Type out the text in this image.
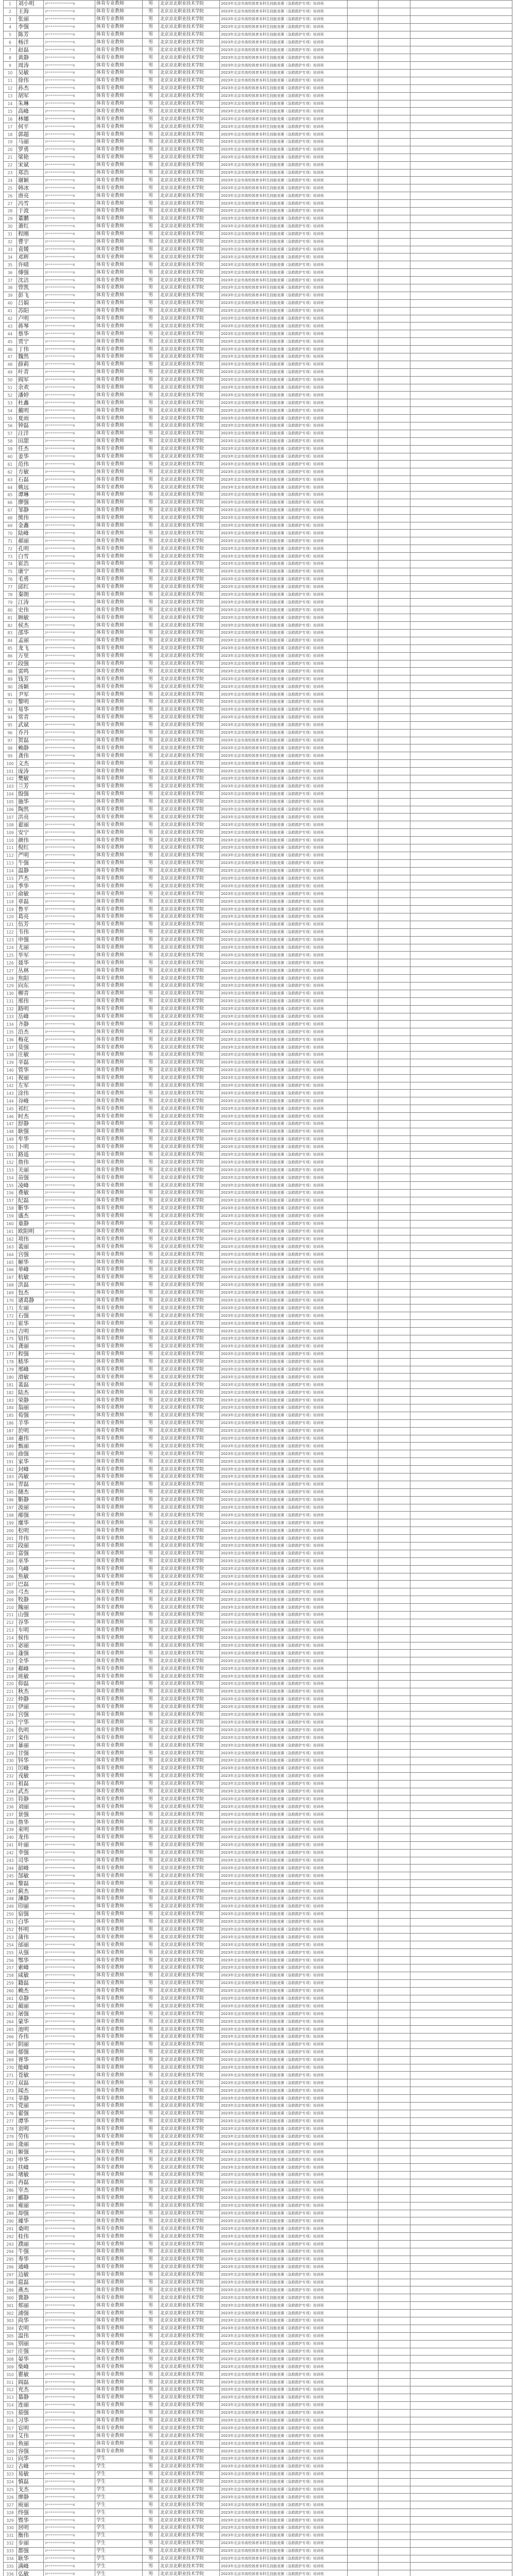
1	刘小明	3*************6	体育专业教师	男	北京京北职业技术学院	2023年北京市高校体育本科生技能竞赛（急救救护专项）培训班			
2	王海	3*************6	体育专业教师	男	北京京北职业技术学院	2023年北京市高校体育本科生技能竞赛（急救救护专项）培训班			
3	张丽	3*************6	体育专业教师	男	北京京北职业技术学院	2023年北京市高校体育本科生技能竞赛（急救救护专项）培训班			
4	李强	3*************6	体育专业教师	男	北京京北职业技术学院	2023年北京市高校体育本科生技能竞赛（急救救护专项）培训班			
5	陈芳	3*************6	体育专业教师	男	北京京北职业技术学院	2023年北京市高校体育本科生技能竞赛（急救救护专项）培训班			
6	杨洋	3*************6	体育专业教师	男	北京京北职业技术学院	2023年北京市高校体育本科生技能竞赛（急救救护专项）培训班			
7	赵磊	3*************6	体育专业教师	男	北京京北职业技术学院	2023年北京市高校体育本科生技能竞赛（急救救护专项）培训班			
8	黄静	3*************6	体育专业教师	男	北京京北职业技术学院	2023年北京市高校体育本科生技能竞赛（急救救护专项）培训班			
9	周涛	3*************6	体育专业教师	男	北京京北职业技术学院	2023年北京市高校体育本科生技能竞赛（急救救护专项）培训班			
10	吴敏	3*************6	体育专业教师	男	北京京北职业技术学院	2023年北京市高校体育本科生技能竞赛（急救救护专项）培训班			
11	徐伟	3*************6	体育专业教师	男	北京京北职业技术学院	2023年北京市高校体育本科生技能竞赛（急救救护专项）培训班			
12	孙杰	3*************6	体育专业教师	男	北京京北职业技术学院	2023年北京市高校体育本科生技能竞赛（急救救护专项）培训班			
13	胡军	3*************6	体育专业教师	男	北京京北职业技术学院	2023年北京市高校体育本科生技能竞赛（急救救护专项）培训班			
14	朱琳	3*************6	体育专业教师	男	北京京北职业技术学院	2023年北京市高校体育本科生技能竞赛（急救救护专项）培训班			
15	高峰	3*************6	体育专业教师	男	北京京北职业技术学院	2023年北京市高校体育本科生技能竞赛（急救救护专项）培训班			
16	林娜	3*************6	体育专业教师	男	北京京北职业技术学院	2023年北京市高校体育本科生技能竞赛（急救救护专项）培训班			
17	何平	3*************6	体育专业教师	男	北京京北职业技术学院	2023年北京市高校体育本科生技能竞赛（急救救护专项）培训班			
18	郭超	3*************6	体育专业教师	男	北京京北职业技术学院	2023年北京市高校体育本科生技能竞赛（急救救护专项）培训班			
19	马丽	3*************6	体育专业教师	男	北京京北职业技术学院	2023年北京市高校体育本科生技能竞赛（急救救护专项）培训班			
20	罗勇	3*************6	体育专业教师	男	北京京北职业技术学院	2023年北京市高校体育本科生技能竞赛（急救救护专项）培训班			
21	梁艳	3*************6	体育专业教师	男	北京京北职业技术学院	2023年北京市高校体育本科生技能竞赛（急救救护专项）培训班			
22	宋斌	3*************6	体育专业教师	男	北京京北职业技术学院	2023年北京市高校体育本科生技能竞赛（急救救护专项）培训班			
23	郑浩	3*************6	体育专业教师	男	北京京北职业技术学院	2023年北京市高校体育本科生技能竞赛（急救救护专项）培训班			
24	谢颖	3*************6	体育专业教师	男	北京京北职业技术学院	2023年北京市高校体育本科生技能竞赛（急救救护专项）培训班			
25	韩冰	3*************6	体育专业教师	男	北京京北职业技术学院	2023年北京市高校体育本科生技能竞赛（急救救护专项）培训班			
26	唐亮	3*************6	体育专业教师	男	北京京北职业技术学院	2023年北京市高校体育本科生技能竞赛（急救救护专项）培训班			
27	冯雪	3*************6	体育专业教师	男	北京京北职业技术学院	2023年北京市高校体育本科生技能竞赛（急救救护专项）培训班			
28	于波	3*************6	体育专业教师	男	北京京北职业技术学院	2023年北京市高校体育本科生技能竞赛（急救救护专项）培训班			
29	董鹏	3*************6	体育专业教师	男	北京京北职业技术学院	2023年北京市高校体育本科生技能竞赛（急救救护专项）培训班			
30	萧红	3*************6	体育专业教师	男	北京京北职业技术学院	2023年北京市高校体育本科生技能竞赛（急救救护专项）培训班			
31	程刚	3*************6	体育专业教师	男	北京京北职业技术学院	2023年北京市高校体育本科生技能竞赛（急救救护专项）培训班			
32	曹宇	3*************6	体育专业教师	男	北京京北职业技术学院	2023年北京市高校体育本科生技能竞赛（急救救护专项）培训班			
33	袁媛	3*************6	体育专业教师	男	北京京北职业技术学院	2023年北京市高校体育本科生技能竞赛（急救救护专项）培训班			
34	邓辉	3*************6	体育专业教师	男	北京京北职业技术学院	2023年北京市高校体育本科生技能竞赛（急救救护专项）培训班			
35	许晴	3*************6	体育专业教师	男	北京京北职业技术学院	2023年北京市高校体育本科生技能竞赛（急救救护专项）培训班			
36	傅强	3*************6	体育专业教师	男	北京京北职业技术学院	2023年北京市高校体育本科生技能竞赛（急救救护专项）培训班			
37	沈洁	3*************6	体育专业教师	男	北京京北职业技术学院	2023年北京市高校体育本科生技能竞赛（急救救护专项）培训班			
38	曾凯	3*************6	体育专业教师	男	北京京北职业技术学院	2023年北京市高校体育本科生技能竞赛（急救救护专项）培训班			
39	彭飞	3*************6	体育专业教师	男	北京京北职业技术学院	2023年北京市高校体育本科生技能竞赛（急救救护专项）培训班			
40	吕娟	3*************6	体育专业教师	男	北京京北职业技术学院	2023年北京市高校体育本科生技能竞赛（急救救护专项）培训班			
41	苏阳	3*************6	体育专业教师	男	北京京北职业技术学院	2023年北京市高校体育本科生技能竞赛（急救救护专项）培训班			
42	卢明	3*************6	体育专业教师	男	北京京北职业技术学院	2023年北京市高校体育本科生技能竞赛（急救救护专项）培训班			
43	蒋琴	3*************6	体育专业教师	男	北京京北职业技术学院	2023年北京市高校体育本科生技能竞赛（急救救护专项）培训班			
44	蔡华	3*************6	体育专业教师	男	北京京北职业技术学院	2023年北京市高校体育本科生技能竞赛（急救救护专项）培训班			
45	贾宁	3*************6	体育专业教师	男	北京京北职业技术学院	2023年北京市高校体育本科生技能竞赛（急救救护专项）培训班			
46	丁伟	3*************6	体育专业教师	男	北京京北职业技术学院	2023年北京市高校体育本科生技能竞赛（急救救护专项）培训班			
47	魏然	3*************6	体育专业教师	男	北京京北职业技术学院	2023年北京市高校体育本科生技能竞赛（急救救护专项）培训班			
48	薛莉	3*************6	体育专业教师	男	北京京北职业技术学院	2023年北京市高校体育本科生技能竞赛（急救救护专项）培训班			
49	叶青	3*************6	体育专业教师	男	北京京北职业技术学院	2023年北京市高校体育本科生技能竞赛（急救救护专项）培训班			
50	阎军	3*************6	体育专业教师	男	北京京北职业技术学院	2023年北京市高校体育本科生技能竞赛（急救救护专项）培训班			
51	余欢	3*************6	体育专业教师	男	北京京北职业技术学院	2023年北京市高校体育本科生技能竞赛（急救救护专项）培训班			
52	潘婷	3*************6	体育专业教师	男	北京京北职业技术学院	2023年北京市高校体育本科生技能竞赛（急救救护专项）培训班			
53	杜鑫	3*************6	体育专业教师	男	北京京北职业技术学院	2023年北京市高校体育本科生技能竞赛（急救救护专项）培训班			
54	戴明	3*************6	体育专业教师	男	北京京北职业技术学院	2023年北京市高校体育本科生技能竞赛（急救救护专项）培训班			
55	夏雨	3*************6	体育专业教师	男	北京京北职业技术学院	2023年北京市高校体育本科生技能竞赛（急救救护专项）培训班			
56	钟磊	3*************6	体育专业教师	男	北京京北职业技术学院	2023年北京市高校体育本科生技能竞赛（急救救护专项）培训班			
57	汪洋	3*************6	体育专业教师	男	北京京北职业技术学院	2023年北京市高校体育本科生技能竞赛（急救救护专项）培训班			
58	田甜	3*************6	体育专业教师	男	北京京北职业技术学院	2023年北京市高校体育本科生技能竞赛（急救救护专项）培训班			
59	任杰	3*************6	体育专业教师	男	北京京北职业技术学院	2023年北京市高校体育本科生技能竞赛（急救救护专项）培训班			
60	姜华	3*************6	体育专业教师	男	北京京北职业技术学院	2023年北京市高校体育本科生技能竞赛（急救救护专项）培训班			
61	范伟	3*************6	体育专业教师	男	北京京北职业技术学院	2023年北京市高校体育本科生技能竞赛（急救救护专项）培训班			
62	方敏	3*************6	体育专业教师	男	北京京北职业技术学院	2023年北京市高校体育本科生技能竞赛（急救救护专项）培训班			
63	石磊	3*************6	体育专业教师	男	北京京北职业技术学院	2023年北京市高校体育本科生技能竞赛（急救救护专项）培训班			
64	姚远	3*************6	体育专业教师	男	北京京北职业技术学院	2023年北京市高校体育本科生技能竞赛（急救救护专项）培训班			
65	谭琳	3*************6	体育专业教师	男	北京京北职业技术学院	2023年北京市高校体育本科生技能竞赛（急救救护专项）培训班			
66	廖强	3*************6	体育专业教师	男	北京京北职业技术学院	2023年北京市高校体育本科生技能竞赛（急救救护专项）培训班			
67	邹静	3*************6	体育专业教师	男	北京京北职业技术学院	2023年北京市高校体育本科生技能竞赛（急救救护专项）培训班			
68	熊伟	3*************6	体育专业教师	男	北京京北职业技术学院	2023年北京市高校体育本科生技能竞赛（急救救护专项）培训班			
69	金鑫	3*************6	体育专业教师	男	北京京北职业技术学院	2023年北京市高校体育本科生技能竞赛（急救救护专项）培训班			
70	陆峰	3*************6	体育专业教师	男	北京京北职业技术学院	2023年北京市高校体育本科生技能竞赛（急救救护专项）培训班			
71	郝丽	3*************6	体育专业教师	男	北京京北职业技术学院	2023年北京市高校体育本科生技能竞赛（急救救护专项）培训班			
72	孔明	3*************6	体育专业教师	男	北京京北职业技术学院	2023年北京市高校体育本科生技能竞赛（急救救护专项）培训班			
73	白雪	3*************6	体育专业教师	男	北京京北职业技术学院	2023年北京市高校体育本科生技能竞赛（急救救护专项）培训班			
74	崔浩	3*************6	体育专业教师	男	北京京北职业技术学院	2023年北京市高校体育本科生技能竞赛（急救救护专项）培训班			
75	康宁	3*************6	体育专业教师	男	北京京北职业技术学院	2023年北京市高校体育本科生技能竞赛（急救救护专项）培训班			
76	毛勇	3*************6	体育专业教师	男	北京京北职业技术学院	2023年北京市高校体育本科生技能竞赛（急救救护专项）培训班			
77	邱红	3*************6	体育专业教师	男	北京京北职业技术学院	2023年北京市高校体育本科生技能竞赛（急救救护专项）培训班			
78	秦朗	3*************6	体育专业教师	男	北京京北职业技术学院	2023年北京市高校体育本科生技能竞赛（急救救护专项）培训班			
79	江涛	3*************6	体育专业教师	男	北京京北职业技术学院	2023年北京市高校体育本科生技能竞赛（急救救护专项）培训班			
80	史伟	3*************6	体育专业教师	男	北京京北职业技术学院	2023年北京市高校体育本科生技能竞赛（急救救护专项）培训班			
81	顾敏	3*************6	体育专业教师	男	北京京北职业技术学院	2023年北京市高校体育本科生技能竞赛（急救救护专项）培训班			
82	侯杰	3*************6	体育专业教师	男	北京京北职业技术学院	2023年北京市高校体育本科生技能竞赛（急救救护专项）培训班			
83	邵华	3*************6	体育专业教师	男	北京京北职业技术学院	2023年北京市高校体育本科生技能竞赛（急救救护专项）培训班			
84	孟丽	3*************6	体育专业教师	男	北京京北职业技术学院	2023年北京市高校体育本科生技能竞赛（急救救护专项）培训班			
85	龙飞	3*************6	体育专业教师	男	北京京北职业技术学院	2023年北京市高校体育本科生技能竞赛（急救救护专项）培训班			
86	万里	3*************6	体育专业教师	男	北京京北职业技术学院	2023年北京市高校体育本科生技能竞赛（急救救护专项）培训班			
87	段强	3*************6	体育专业教师	男	北京京北职业技术学院	2023年北京市高校体育本科生技能竞赛（急救救护专项）培训班			
88	雷鸣	3*************6	体育专业教师	男	北京京北职业技术学院	2023年北京市高校体育本科生技能竞赛（急救救护专项）培训班			
89	钱芳	3*************6	体育专业教师	男	北京京北职业技术学院	2023年北京市高校体育本科生技能竞赛（急救救护专项）培训班			
90	汤颖	3*************6	体育专业教师	男	北京京北职业技术学院	2023年北京市高校体育本科生技能竞赛（急救救护专项）培训班			
91	尹军	3*************6	体育专业教师	男	北京京北职业技术学院	2023年北京市高校体育本科生技能竞赛（急救救护专项）培训班			
92	黎明	3*************6	体育专业教师	男	北京京北职业技术学院	2023年北京市高校体育本科生技能竞赛（急救救护专项）培训班			
93	易华	3*************6	体育专业教师	男	北京京北职业技术学院	2023年北京市高校体育本科生技能竞赛（急救救护专项）培训班			
94	常青	3*************6	体育专业教师	男	北京京北职业技术学院	2023年北京市高校体育本科生技能竞赛（急救救护专项）培训班			
95	武斌	3*************6	体育专业教师	男	北京京北职业技术学院	2023年北京市高校体育本科生技能竞赛（急救救护专项）培训班			
96	乔丹	3*************6	体育专业教师	男	北京京北职业技术学院	2023年北京市高校体育本科生技能竞赛（急救救护专项）培训班			
97	贺磊	3*************6	体育专业教师	男	北京京北职业技术学院	2023年北京市高校体育本科生技能竞赛（急救救护专项）培训班			
98	赖静	3*************6	体育专业教师	男	北京京北职业技术学院	2023年北京市高校体育本科生技能竞赛（急救救护专项）培训班			
99	龚伟	3*************6	体育专业教师	男	北京京北职业技术学院	2023年北京市高校体育本科生技能竞赛（急救救护专项）培训班			
100	文杰	3*************6	体育专业教师	男	北京京北职业技术学院	2023年北京市高校体育本科生技能竞赛（急救救护专项）培训班			
101	庞涛	3*************6	体育专业教师	男	北京京北职业技术学院	2023年北京市高校体育本科生技能竞赛（急救救护专项）培训班			
102	樊敏	3*************6	体育专业教师	男	北京京北职业技术学院	2023年北京市高校体育本科生技能竞赛（急救救护专项）培训班			
103	兰芳	3*************6	体育专业教师	男	北京京北职业技术学院	2023年北京市高校体育本科生技能竞赛（急救救护专项）培训班			
104	殷强	3*************6	体育专业教师	男	北京京北职业技术学院	2023年北京市高校体育本科生技能竞赛（急救救护专项）培训班			
105	施华	3*************6	体育专业教师	男	北京京北职业技术学院	2023年北京市高校体育本科生技能竞赛（急救救护专项）培训班			
106	陶然	3*************6	体育专业教师	男	北京京北职业技术学院	2023年北京市高校体育本科生技能竞赛（急救救护专项）培训班			
107	洪亮	3*************6	体育专业教师	男	北京京北职业技术学院	2023年北京市高校体育本科生技能竞赛（急救救护专项）培训班			
108	翟丽	3*************6	体育专业教师	男	北京京北职业技术学院	2023年北京市高校体育本科生技能竞赛（急救救护专项）培训班			
109	安宁	3*************6	体育专业教师	男	北京京北职业技术学院	2023年北京市高校体育本科生技能竞赛（急救救护专项）培训班			
110	颜伟	3*************6	体育专业教师	男	北京京北职业技术学院	2023年北京市高校体育本科生技能竞赛（急救救护专项）培训班			
111	倪红	3*************6	体育专业教师	男	北京京北职业技术学院	2023年北京市高校体育本科生技能竞赛（急救救护专项）培训班			
112	严明	3*************6	体育专业教师	男	北京京北职业技术学院	2023年北京市高校体育本科生技能竞赛（急救救护专项）培训班			
113	牛强	3*************6	体育专业教师	男	北京京北职业技术学院	2023年北京市高校体育本科生技能竞赛（急救救护专项）培训班			
114	温静	3*************6	体育专业教师	男	北京京北职业技术学院	2023年北京市高校体育本科生技能竞赛（急救救护专项）培训班			
115	芦杰	3*************6	体育专业教师	男	北京京北职业技术学院	2023年北京市高校体育本科生技能竞赛（急救救护专项）培训班			
116	季华	3*************6	体育专业教师	男	北京京北职业技术学院	2023年北京市高校体育本科生技能竞赛（急救救护专项）培训班			
117	俞敏	3*************6	体育专业教师	男	北京京北职业技术学院	2023年北京市高校体育本科生技能竞赛（急救救护专项）培训班			
118	章磊	3*************6	体育专业教师	男	北京京北职业技术学院	2023年北京市高校体育本科生技能竞赛（急救救护专项）培训班			
119	鲁平	3*************6	体育专业教师	男	北京京北职业技术学院	2023年北京市高校体育本科生技能竞赛（急救救护专项）培训班			
120	葛亮	3*************6	体育专业教师	男	北京京北职业技术学院	2023年北京市高校体育本科生技能竞赛（急救救护专项）培训班			
121	伍芳	3*************6	体育专业教师	男	北京京北职业技术学院	2023年北京市高校体育本科生技能竞赛（急救救护专项）培训班			
122	韦伟	3*************6	体育专业教师	男	北京京北职业技术学院	2023年北京市高校体育本科生技能竞赛（急救救护专项）培训班			
123	申强	3*************6	体育专业教师	男	北京京北职业技术学院	2023年北京市高校体育本科生技能竞赛（急救救护专项）培训班			
124	尤丽	3*************6	体育专业教师	男	北京京北职业技术学院	2023年北京市高校体育本科生技能竞赛（急救救护专项）培训班			
125	毕军	3*************6	体育专业教师	男	北京京北职业技术学院	2023年北京市高校体育本科生技能竞赛（急救救护专项）培训班			
126	聂华	3*************6	体育专业教师	男	北京京北职业技术学院	2023年北京市高校体育本科生技能竞赛（急救救护专项）培训班			
127	丛林	3*************6	体育专业教师	男	北京京北职业技术学院	2023年北京市高校体育本科生技能竞赛（急救救护专项）培训班			
128	焦阳	3*************6	体育专业教师	男	北京京北职业技术学院	2023年北京市高校体育本科生技能竞赛（急救救护专项）培训班			
129	向东	3*************6	体育专业教师	男	北京京北职业技术学院	2023年北京市高校体育本科生技能竞赛（急救救护专项）培训班			
130	柳青	3*************6	体育专业教师	男	北京京北职业技术学院	2023年北京市高校体育本科生技能竞赛（急救救护专项）培训班			
131	邢伟	3*************6	体育专业教师	男	北京京北职业技术学院	2023年北京市高校体育本科生技能竞赛（急救救护专项）培训班			
132	路明	3*************6	体育专业教师	男	北京京北职业技术学院	2023年北京市高校体育本科生技能竞赛（急救救护专项）培训班			
133	岳峰	3*************6	体育专业教师	男	北京京北职业技术学院	2023年北京市高校体育本科生技能竞赛（急救救护专项）培训班			
134	齐静	3*************6	体育专业教师	男	北京京北职业技术学院	2023年北京市高校体育本科生技能竞赛（急救救护专项）培训班			
135	沿杰	3*************6	体育专业教师	男	北京京北职业技术学院	2023年北京市高校体育本科生技能竞赛（急救救护专项）培训班			
136	梅花	3*************6	体育专业教师	男	北京京北职业技术学院	2023年北京市高校体育本科生技能竞赛（急救救护专项）培训班			
137	莫强	3*************6	体育专业教师	男	北京京北职业技术学院	2023年北京市高校体育本科生技能竞赛（急救救护专项）培训班			
138	庄敏	3*************6	体育专业教师	男	北京京北职业技术学院	2023年北京市高校体育本科生技能竞赛（急救救护专项）培训班			
139	辛磊	3*************6	体育专业教师	男	北京京北职业技术学院	2023年北京市高校体育本科生技能竞赛（急救救护专项）培训班			
140	管华	3*************6	体育专业教师	男	北京京北职业技术学院	2023年北京市高校体育本科生技能竞赛（急救救护专项）培训班			
141	祝丽	3*************6	体育专业教师	男	北京京北职业技术学院	2023年北京市高校体育本科生技能竞赛（急救救护专项）培训班			
142	左军	3*************6	体育专业教师	男	北京京北职业技术学院	2023年北京市高校体育本科生技能竞赛（急救救护专项）培训班			
143	涂伟	3*************6	体育专业教师	男	北京京北职业技术学院	2023年北京市高校体育本科生技能竞赛（急救救护专项）培训班			
144	谷峰	3*************6	体育专业教师	男	北京京北职业技术学院	2023年北京市高校体育本科生技能竞赛（急救救护专项）培训班			
145	祁红	3*************6	体育专业教师	男	北京京北职业技术学院	2023年北京市高校体育本科生技能竞赛（急救救护专项）培训班			
146	时杰	3*************6	体育专业教师	男	北京京北职业技术学院	2023年北京市高校体育本科生技能竞赛（急救救护专项）培训班			
147	舒静	3*************6	体育专业教师	男	北京京北职业技术学院	2023年北京市高校体育本科生技能竞赛（急救救护专项）培训班			
148	耿强	3*************6	体育专业教师	男	北京京北职业技术学院	2023年北京市高校体育本科生技能竞赛（急救救护专项）培训班			
149	牟华	3*************6	体育专业教师	男	北京京北职业技术学院	2023年北京市高校体育本科生技能竞赛（急救救护专项）培训班			
150	卜明	3*************6	体育专业教师	男	北京京北职业技术学院	2023年北京市高校体育本科生技能竞赛（急救救护专项）培训班			
151	路遥	3*************6	体育专业教师	男	北京京北职业技术学院	2023年北京市高校体育本科生技能竞赛（急救救护专项）培训班			
152	詹伟	3*************6	体育专业教师	男	北京京北职业技术学院	2023年北京市高校体育本科生技能竞赛（急救救护专项）培训班			
153	关丽	3*************6	体育专业教师	男	北京京北职业技术学院	2023年北京市高校体育本科生技能竞赛（急救救护专项）培训班			
154	苗强	3*************6	体育专业教师	男	北京京北职业技术学院	2023年北京市高校体育本科生技能竞赛（急救救护专项）培训班			
155	凌峰	3*************6	体育专业教师	男	北京京北职业技术学院	2023年北京市高校体育本科生技能竞赛（急救救护专项）培训班			
156	费敏	3*************6	体育专业教师	男	北京京北职业技术学院	2023年北京市高校体育本科生技能竞赛（急救救护专项）培训班			
157	纪磊	3*************6	体育专业教师	男	北京京北职业技术学院	2023年北京市高校体育本科生技能竞赛（急救救护专项）培训班			
158	靳华	3*************6	体育专业教师	男	北京京北职业技术学院	2023年北京市高校体育本科生技能竞赛（急救救护专项）培训班			
159	盛杰	3*************6	体育专业教师	男	北京京北职业技术学院	2023年北京市高校体育本科生技能竞赛（急救救护专项）培训班			
160	童静	3*************6	体育专业教师	男	北京京北职业技术学院	2023年北京市高校体育本科生技能竞赛（急救救护专项）培训班			
161	欧阳明	3*************6	体育专业教师	男	北京京北职业技术学院	2023年北京市高校体育本科生技能竞赛（急救救护专项）培训班			
162	项伟	3*************6	体育专业教师	男	北京京北职业技术学院	2023年北京市高校体育本科生技能竞赛（急救救护专项）培训班			
163	裴丽	3*************6	体育专业教师	男	北京京北职业技术学院	2023年北京市高校体育本科生技能竞赛（急救救护专项）培训班			
164	宫强	3*************6	体育专业教师	男	北京京北职业技术学院	2023年北京市高校体育本科生技能竞赛（急救救护专项）培训班			
165	解华	3*************6	体育专业教师	男	北京京北职业技术学院	2023年北京市高校体育本科生技能竞赛（急救救护专项）培训班			
166	单峰	3*************6	体育专业教师	男	北京京北职业技术学院	2023年北京市高校体育本科生技能竞赛（急救救护专项）培训班			
167	杭敏	3*************6	体育专业教师	男	北京京北职业技术学院	2023年北京市高校体育本科生技能竞赛（急救救护专项）培训班			
168	洪磊	3*************6	体育专业教师	男	北京京北职业技术学院	2023年北京市高校体育本科生技能竞赛（急救救护专项）培训班			
169	包杰	3*************6	体育专业教师	男	北京京北职业技术学院	2023年北京市高校体育本科生技能竞赛（急救救护专项）培训班			
170	诸葛静	3*************6	体育专业教师	男	北京京北职业技术学院	2023年北京市高校体育本科生技能竞赛（急救救护专项）培训班			
171	左丽	3*************6	体育专业教师	男	北京京北职业技术学院	2023年北京市高校体育本科生技能竞赛（急救救护专项）培训班			
172	石强	3*************6	体育专业教师	男	北京京北职业技术学院	2023年北京市高校体育本科生技能竞赛（急救救护专项）培训班			
173	崔华	3*************6	体育专业教师	男	北京京北职业技术学院	2023年北京市高校体育本科生技能竞赛（急救救护专项）培训班			
174	吉明	3*************6	体育专业教师	男	北京京北职业技术学院	2023年北京市高校体育本科生技能竞赛（急救救护专项）培训班			
175	钮伟	3*************6	体育专业教师	男	北京京北职业技术学院	2023年北京市高校体育本科生技能竞赛（急救救护专项）培训班			
176	龚丽	3*************6	体育专业教师	男	北京京北职业技术学院	2023年北京市高校体育本科生技能竞赛（急救救护专项）培训班			
177	程强	3*************6	体育专业教师	男	北京京北职业技术学院	2023年北京市高校体育本科生技能竞赛（急救救护专项）培训班			
178	嵇华	3*************6	体育专业教师	男	北京京北职业技术学院	2023年北京市高校体育本科生技能竞赛（急救救护专项）培训班			
179	邢峰	3*************6	体育专业教师	男	北京京北职业技术学院	2023年北京市高校体育本科生技能竞赛（急救救护专项）培训班			
180	滑敏	3*************6	体育专业教师	男	北京京北职业技术学院	2023年北京市高校体育本科生技能竞赛（急救救护专项）培训班			
181	裴磊	3*************6	体育专业教师	男	北京京北职业技术学院	2023年北京市高校体育本科生技能竞赛（急救救护专项）培训班			
182	陆杰	3*************6	体育专业教师	男	北京京北职业技术学院	2023年北京市高校体育本科生技能竞赛（急救救护专项）培训班			
183	荣静	3*************6	体育专业教师	男	北京京北职业技术学院	2023年北京市高校体育本科生技能竞赛（急救救护专项）培训班			
184	翁丽	3*************6	体育专业教师	男	北京京北职业技术学院	2023年北京市高校体育本科生技能竞赛（急救救护专项）培训班			
185	荀强	3*************6	体育专业教师	男	北京京北职业技术学院	2023年北京市高校体育本科生技能竞赛（急救救护专项）培训班			
186	羊华	3*************6	体育专业教师	男	北京京北职业技术学院	2023年北京市高校体育本科生技能竞赛（急救救护专项）培训班			
187	於明	3*************6	体育专业教师	男	北京京北职业技术学院	2023年北京市高校体育本科生技能竞赛（急救救护专项）培训班			
188	惠伟	3*************6	体育专业教师	男	北京京北职业技术学院	2023年北京市高校体育本科生技能竞赛（急救救护专项）培训班			
189	甄丽	3*************6	体育专业教师	男	北京京北职业技术学院	2023年北京市高校体育本科生技能竞赛（急救救护专项）培训班			
190	曲强	3*************6	体育专业教师	男	北京京北职业技术学院	2023年北京市高校体育本科生技能竞赛（急救救护专项）培训班			
191	家华	3*************6	体育专业教师	男	北京京北职业技术学院	2023年北京市高校体育本科生技能竞赛（急救救护专项）培训班			
192	封峰	3*************6	体育专业教师	男	北京京北职业技术学院	2023年北京市高校体育本科生技能竞赛（急救救护专项）培训班			
193	芮敏	3*************6	体育专业教师	男	北京京北职业技术学院	2023年北京市高校体育本科生技能竞赛（急救救护专项）培训班			
194	羿磊	3*************6	体育专业教师	男	北京京北职业技术学院	2023年北京市高校体育本科生技能竞赛（急救救护专项）培训班			
195	储杰	3*************6	体育专业教师	男	北京京北职业技术学院	2023年北京市高校体育本科生技能竞赛（急救救护专项）培训班			
196	靳静	3*************6	体育专业教师	男	北京京北职业技术学院	2023年北京市高校体育本科生技能竞赛（急救救护专项）培训班			
197	汲丽	3*************6	体育专业教师	男	北京京北职业技术学院	2023年北京市高校体育本科生技能竞赛（急救救护专项）培训班			
198	邴强	3*************6	体育专业教师	男	北京京北职业技术学院	2023年北京市高校体育本科生技能竞赛（急救救护专项）培训班			
199	糜华	3*************6	体育专业教师	男	北京京北职业技术学院	2023年北京市高校体育本科生技能竞赛（急救救护专项）培训班			
200	松明	3*************6	体育专业教师	男	北京京北职业技术学院	2023年北京市高校体育本科生技能竞赛（急救救护专项）培训班			
201	井伟	3*************6	体育专业教师	男	北京京北职业技术学院	2023年北京市高校体育本科生技能竞赛（急救救护专项）培训班			
202	段丽	3*************6	体育专业教师	男	北京京北职业技术学院	2023年北京市高校体育本科生技能竞赛（急救救护专项）培训班			
203	富强	3*************6	体育专业教师	男	北京京北职业技术学院	2023年北京市高校体育本科生技能竞赛（急救救护专项）培训班			
204	巫华	3*************6	体育专业教师	男	北京京北职业技术学院	2023年北京市高校体育本科生技能竞赛（急救救护专项）培训班			
205	乌峰	3*************6	体育专业教师	男	北京京北职业技术学院	2023年北京市高校体育本科生技能竞赛（急救救护专项）培训班			
206	焦敏	3*************6	体育专业教师	男	北京京北职业技术学院	2023年北京市高校体育本科生技能竞赛（急救救护专项）培训班			
207	巴磊	3*************6	体育专业教师	男	北京京北职业技术学院	2023年北京市高校体育本科生技能竞赛（急救救护专项）培训班			
208	弓杰	3*************6	体育专业教师	男	北京京北职业技术学院	2023年北京市高校体育本科生技能竞赛（急救救护专项）培训班			
209	牧静	3*************6	体育专业教师	男	北京京北职业技术学院	2023年北京市高校体育本科生技能竞赛（急救救护专项）培训班			
210	隗丽	3*************6	体育专业教师	男	北京京北职业技术学院	2023年北京市高校体育本科生技能竞赛（急救救护专项）培训班			
211	山强	3*************6	体育专业教师	男	北京京北职业技术学院	2023年北京市高校体育本科生技能竞赛（急救救护专项）培训班			
212	谷华	3*************6	体育专业教师	男	北京京北职业技术学院	2023年北京市高校体育本科生技能竞赛（急救救护专项）培训班			
213	车明	3*************6	体育专业教师	男	北京京北职业技术学院	2023年北京市高校体育本科生技能竞赛（急救救护专项）培训班			
214	侯伟	3*************6	体育专业教师	男	北京京北职业技术学院	2023年北京市高校体育本科生技能竞赛（急救救护专项）培训班			
215	宓丽	3*************6	体育专业教师	男	北京京北职业技术学院	2023年北京市高校体育本科生技能竞赛（急救救护专项）培训班			
216	蓬强	3*************6	体育专业教师	男	北京京北职业技术学院	2023年北京市高校体育本科生技能竞赛（急救救护专项）培训班			
217	全华	3*************6	体育专业教师	男	北京京北职业技术学院	2023年北京市高校体育本科生技能竞赛（急救救护专项）培训班			
218	郗峰	3*************6	体育专业教师	男	北京京北职业技术学院	2023年北京市高校体育本科生技能竞赛（急救救护专项）培训班			
219	班敏	3*************6	体育专业教师	男	北京京北职业技术学院	2023年北京市高校体育本科生技能竞赛（急救救护专项）培训班			
220	仰磊	3*************6	体育专业教师	男	北京京北职业技术学院	2023年北京市高校体育本科生技能竞赛（急救救护专项）培训班			
221	秋杰	3*************6	体育专业教师	男	北京京北职业技术学院	2023年北京市高校体育本科生技能竞赛（急救救护专项）培训班			
222	仲静	3*************6	体育专业教师	男	北京京北职业技术学院	2023年北京市高校体育本科生技能竞赛（急救救护专项）培训班			
223	伊丽	3*************6	体育专业教师	男	北京京北职业技术学院	2023年北京市高校体育本科生技能竞赛（急救救护专项）培训班			
224	宫强	3*************6	体育专业教师	男	北京京北职业技术学院	2023年北京市高校体育本科生技能竞赛（急救救护专项）培训班			
225	宁华	3*************6	体育专业教师	男	北京京北职业技术学院	2023年北京市高校体育本科生技能竞赛（急救救护专项）培训班			
226	仇明	3*************6	体育专业教师	男	北京京北职业技术学院	2023年北京市高校体育本科生技能竞赛（急救救护专项）培训班			
227	栾伟	3*************6	体育专业教师	男	北京京北职业技术学院	2023年北京市高校体育本科生技能竞赛（急救救护专项）培训班			
228	暴丽	3*************6	体育专业教师	男	北京京北职业技术学院	2023年北京市高校体育本科生技能竞赛（急救救护专项）培训班			
229	甘强	3*************6	体育专业教师	男	北京京北职业技术学院	2023年北京市高校体育本科生技能竞赛（急救救护专项）培训班			
230	钭华	3*************6	体育专业教师	男	北京京北职业技术学院	2023年北京市高校体育本科生技能竞赛（急救救护专项）培训班			
231	厉峰	3*************6	体育专业教师	男	北京京北职业技术学院	2023年北京市高校体育本科生技能竞赛（急救救护专项）培训班			
232	戎敏	3*************6	体育专业教师	男	北京京北职业技术学院	2023年北京市高校体育本科生技能竞赛（急救救护专项）培训班			
233	祖磊	3*************6	体育专业教师	男	北京京北职业技术学院	2023年北京市高校体育本科生技能竞赛（急救救护专项）培训班			
234	武杰	3*************6	体育专业教师	男	北京京北职业技术学院	2023年北京市高校体育本科生技能竞赛（急救救护专项）培训班			
235	符静	3*************6	体育专业教师	男	北京京北职业技术学院	2023年北京市高校体育本科生技能竞赛（急救救护专项）培训班			
236	刘丽	3*************6	体育专业教师	男	北京京北职业技术学院	2023年北京市高校体育本科生技能竞赛（急救救护专项）培训班			
237	景强	3*************6	体育专业教师	男	北京京北职业技术学院	2023年北京市高校体育本科生技能竞赛（急救救护专项）培训班			
238	詹华	3*************6	体育专业教师	男	北京京北职业技术学院	2023年北京市高校体育本科生技能竞赛（急救救护专项）培训班			
239	束明	3*************6	体育专业教师	男	北京京北职业技术学院	2023年北京市高校体育本科生技能竞赛（急救救护专项）培训班			
240	龙伟	3*************6	体育专业教师	男	北京京北职业技术学院	2023年北京市高校体育本科生技能竞赛（急救救护专项）培训班			
241	叶丽	3*************6	体育专业教师	男	北京京北职业技术学院	2023年北京市高校体育本科生技能竞赛（急救救护专项）培训班			
242	幸强	3*************6	体育专业教师	男	北京京北职业技术学院	2023年北京市高校体育本科生技能竞赛（急救救护专项）培训班			
243	司华	3*************6	体育专业教师	男	北京京北职业技术学院	2023年北京市高校体育本科生技能竞赛（急救救护专项）培训班			
244	韶峰	3*************6	体育专业教师	男	北京京北职业技术学院	2023年北京市高校体育本科生技能竞赛（急救救护专项）培训班			
245	郜敏	3*************6	体育专业教师	男	北京京北职业技术学院	2023年北京市高校体育本科生技能竞赛（急救救护专项）培训班			
246	黎磊	3*************6	体育专业教师	男	北京京北职业技术学院	2023年北京市高校体育本科生技能竞赛（急救救护专项）培训班			
247	蓟杰	3*************6	体育专业教师	男	北京京北职业技术学院	2023年北京市高校体育本科生技能竞赛（急救救护专项）培训班			
248	薄静	3*************6	体育专业教师	男	北京京北职业技术学院	2023年北京市高校体育本科生技能竞赛（急救救护专项）培训班			
249	印丽	3*************6	体育专业教师	男	北京京北职业技术学院	2023年北京市高校体育本科生技能竞赛（急救救护专项）培训班			
250	宿强	3*************6	体育专业教师	男	北京京北职业技术学院	2023年北京市高校体育本科生技能竞赛（急救救护专项）培训班			
251	白华	3*************6	体育专业教师	男	北京京北职业技术学院	2023年北京市高校体育本科生技能竞赛（急救救护专项）培训班			
252	怀明	3*************6	体育专业教师	男	北京京北职业技术学院	2023年北京市高校体育本科生技能竞赛（急救救护专项）培训班			
253	蒲伟	3*************6	体育专业教师	男	北京京北职业技术学院	2023年北京市高校体育本科生技能竞赛（急救救护专项）培训班			
254	邰丽	3*************6	体育专业教师	男	北京京北职业技术学院	2023年北京市高校体育本科生技能竞赛（急救救护专项）培训班			
255	从强	3*************6	体育专业教师	男	北京京北职业技术学院	2023年北京市高校体育本科生技能竞赛（急救救护专项）培训班			
256	鄂华	3*************6	体育专业教师	男	北京京北职业技术学院	2023年北京市高校体育本科生技能竞赛（急救救护专项）培训班			
257	索峰	3*************6	体育专业教师	男	北京京北职业技术学院	2023年北京市高校体育本科生技能竞赛（急救救护专项）培训班			
258	咸敏	3*************6	体育专业教师	男	北京京北职业技术学院	2023年北京市高校体育本科生技能竞赛（急救救护专项）培训班			
259	籍磊	3*************6	体育专业教师	男	北京京北职业技术学院	2023年北京市高校体育本科生技能竞赛（急救救护专项）培训班			
260	赖杰	3*************6	体育专业教师	男	北京京北职业技术学院	2023年北京市高校体育本科生技能竞赛（急救救护专项）培训班			
261	卓静	3*************6	体育专业教师	男	北京京北职业技术学院	2023年北京市高校体育本科生技能竞赛（急救救护专项）培训班			
262	蔺丽	3*************6	体育专业教师	男	北京京北职业技术学院	2023年北京市高校体育本科生技能竞赛（急救救护专项）培训班			
263	屠强	3*************6	体育专业教师	男	北京京北职业技术学院	2023年北京市高校体育本科生技能竞赛（急救救护专项）培训班			
264	蒙华	3*************6	体育专业教师	男	北京京北职业技术学院	2023年北京市高校体育本科生技能竞赛（急救救护专项）培训班			
265	池明	3*************6	体育专业教师	男	北京京北职业技术学院	2023年北京市高校体育本科生技能竞赛（急救救护专项）培训班			
266	乔伟	3*************6	体育专业教师	男	北京京北职业技术学院	2023年北京市高校体育本科生技能竞赛（急救救护专项）培训班			
267	阴丽	3*************6	体育专业教师	男	北京京北职业技术学院	2023年北京市高校体育本科生技能竞赛（急救救护专项）培训班			
268	郁强	3*************6	体育专业教师	男	北京京北职业技术学院	2023年北京市高校体育本科生技能竞赛（急救救护专项）培训班			
269	胥华	3*************6	体育专业教师	男	北京京北职业技术学院	2023年北京市高校体育本科生技能竞赛（急救救护专项）培训班			
270	能峰	3*************6	体育专业教师	男	北京京北职业技术学院	2023年北京市高校体育本科生技能竞赛（急救救护专项）培训班			
271	苍敏	3*************6	体育专业教师	男	北京京北职业技术学院	2023年北京市高校体育本科生技能竞赛（急救救护专项）培训班			
272	双磊	3*************6	体育专业教师	男	北京京北职业技术学院	2023年北京市高校体育本科生技能竞赛（急救救护专项）培训班			
273	闻杰	3*************6	体育专业教师	男	北京京北职业技术学院	2023年北京市高校体育本科生技能竞赛（急救救护专项）培训班			
274	莘静	3*************6	体育专业教师	男	北京京北职业技术学院	2023年北京市高校体育本科生技能竞赛（急救救护专项）培训班			
275	党丽	3*************6	体育专业教师	男	北京京北职业技术学院	2023年北京市高校体育本科生技能竞赛（急救救护专项）培训班			
276	翟强	3*************6	体育专业教师	男	北京京北职业技术学院	2023年北京市高校体育本科生技能竞赛（急救救护专项）培训班			
277	谭华	3*************6	体育专业教师	男	北京京北职业技术学院	2023年北京市高校体育本科生技能竞赛（急救救护专项）培训班			
278	贡明	3*************6	体育专业教师	男	北京京北职业技术学院	2023年北京市高校体育本科生技能竞赛（急救救护专项）培训班			
279	劳伟	3*************6	体育专业教师	男	北京京北职业技术学院	2023年北京市高校体育本科生技能竞赛（急救救护专项）培训班			
280	逄丽	3*************6	体育专业教师	男	北京京北职业技术学院	2023年北京市高校体育本科生技能竞赛（急救救护专项）培训班			
281	姬强	3*************6	体育专业教师	男	北京京北职业技术学院	2023年北京市高校体育本科生技能竞赛（急救救护专项）培训班			
282	申华	3*************6	体育专业教师	男	北京京北职业技术学院	2023年北京市高校体育本科生技能竞赛（急救救护专项）培训班			
283	扶峰	3*************6	体育专业教师	男	北京京北职业技术学院	2023年北京市高校体育本科生技能竞赛（急救救护专项）培训班			
284	堵敏	3*************6	体育专业教师	男	北京京北职业技术学院	2023年北京市高校体育本科生技能竞赛（急救救护专项）培训班			
285	冉磊	3*************6	体育专业教师	男	北京京北职业技术学院	2023年北京市高校体育本科生技能竞赛（急救救护专项）培训班			
286	宰杰	3*************6	体育专业教师	男	北京京北职业技术学院	2023年北京市高校体育本科生技能竞赛（急救救护专项）培训班			
287	郦静	3*************6	体育专业教师	男	北京京北职业技术学院	2023年北京市高校体育本科生技能竞赛（急救救护专项）培训班			
288	雍丽	3*************6	体育专业教师	男	北京京北职业技术学院	2023年北京市高校体育本科生技能竞赛（急救救护专项）培训班			
289	却强	3*************6	体育专业教师	男	北京京北职业技术学院	2023年北京市高校体育本科生技能竞赛（急救救护专项）培训班			
290	璩华	3*************6	体育专业教师	男	北京京北职业技术学院	2023年北京市高校体育本科生技能竞赛（急救救护专项）培训班			
291	桑明	3*************6	体育专业教师	男	北京京北职业技术学院	2023年北京市高校体育本科生技能竞赛（急救救护专项）培训班			
292	桂伟	3*************6	体育专业教师	男	北京京北职业技术学院	2023年北京市高校体育本科生技能竞赛（急救救护专项）培训班			
293	濮丽	3*************6	体育专业教师	男	北京京北职业技术学院	2023年北京市高校体育本科生技能竞赛（急救救护专项）培训班			
294	牛强	3*************6	体育专业教师	男	北京京北职业技术学院	2023年北京市高校体育本科生技能竞赛（急救救护专项）培训班			
295	寿华	3*************6	体育专业教师	男	北京京北职业技术学院	2023年北京市高校体育本科生技能竞赛（急救救护专项）培训班			
296	通峰	3*************6	体育专业教师	男	北京京北职业技术学院	2023年北京市高校体育本科生技能竞赛（急救救护专项）培训班			
297	边敏	3*************6	体育专业教师	男	北京京北职业技术学院	2023年北京市高校体育本科生技能竞赛（急救救护专项）培训班			
298	扈磊	3*************6	体育专业教师	男	北京京北职业技术学院	2023年北京市高校体育本科生技能竞赛（急救救护专项）培训班			
299	燕杰	3*************6	体育专业教师	男	北京京北职业技术学院	2023年北京市高校体育本科生技能竞赛（急救救护专项）培训班			
300	冀静	3*************6	体育专业教师	男	北京京北职业技术学院	2023年北京市高校体育本科生技能竞赛（急救救护专项）培训班			
301	郏丽	3*************6	体育专业教师	男	北京京北职业技术学院	2023年北京市高校体育本科生技能竞赛（急救救护专项）培训班			
302	浦强	3*************6	体育专业教师	男	北京京北职业技术学院	2023年北京市高校体育本科生技能竞赛（急救救护专项）培训班			
303	尚华	3*************6	体育专业教师	男	北京京北职业技术学院	2023年北京市高校体育本科生技能竞赛（急救救护专项）培训班			
304	农明	3*************6	体育专业教师	男	北京京北职业技术学院	2023年北京市高校体育本科生技能竞赛（急救救护专项）培训班			
305	温伟	3*************6	体育专业教师	男	北京京北职业技术学院	2023年北京市高校体育本科生技能竞赛（急救救护专项）培训班			
306	别丽	3*************6	体育专业教师	男	北京京北职业技术学院	2023年北京市高校体育本科生技能竞赛（急救救护专项）培训班			
307	庄强	3*************6	体育专业教师	男	北京京北职业技术学院	2023年北京市高校体育本科生技能竞赛（急救救护专项）培训班			
308	晏华	3*************6	体育专业教师	男	北京京北职业技术学院	2023年北京市高校体育本科生技能竞赛（急救救护专项）培训班			
309	柴峰	3*************6	体育专业教师	男	北京京北职业技术学院	2023年北京市高校体育本科生技能竞赛（急救救护专项）培训班			
310	瞿敏	3*************6	体育专业教师	男	北京京北职业技术学院	2023年北京市高校体育本科生技能竞赛（急救救护专项）培训班			
311	阎磊	3*************6	体育专业教师	男	北京京北职业技术学院	2023年北京市高校体育本科生技能竞赛（急救救护专项）培训班			
312	充杰	3*************6	体育专业教师	男	北京京北职业技术学院	2023年北京市高校体育本科生技能竞赛（急救救护专项）培训班			
313	慕静	3*************6	体育专业教师	男	北京京北职业技术学院	2023年北京市高校体育本科生技能竞赛（急救救护专项）培训班			
314	连丽	3*************6	体育专业教师	男	北京京北职业技术学院	2023年北京市高校体育本科生技能竞赛（急救救护专项）培训班			
315	茹强	3*************6	体育专业教师	男	北京京北职业技术学院	2023年北京市高校体育本科生技能竞赛（急救救护专项）培训班			
316	习华	3*************6	体育专业教师	男	北京京北职业技术学院	2023年北京市高校体育本科生技能竞赛（急救救护专项）培训班			
317	宦明	3*************6	体育专业教师	男	北京京北职业技术学院	2023年北京市高校体育本科生技能竞赛（急救救护专项）培训班			
318	艾伟	3*************6	体育专业教师	男	北京京北职业技术学院	2023年北京市高校体育本科生技能竞赛（急救救护专项）培训班			
319	鱼丽	3*************6	体育专业教师	男	北京京北职业技术学院	2023年北京市高校体育本科生技能竞赛（急救救护专项）培训班			
320	容强	3*************6	体育专业教师	男	北京京北职业技术学院	2023年北京市高校体育本科生技能竞赛（急救救护专项）培训班			
321	向华	3*************6	学生	男	北京京北职业技术学院	2023年北京市高校体育本科生技能竞赛（急救救护专项）培训班			
322	古峰	3*************6	学生	男	北京京北职业技术学院	2023年北京市高校体育本科生技能竞赛（急救救护专项）培训班			
323	易敏	3*************6	学生	男	北京京北职业技术学院	2023年北京市高校体育本科生技能竞赛（急救救护专项）培训班			
324	慎磊	3*************6	学生	男	北京京北职业技术学院	2023年北京市高校体育本科生技能竞赛（急救救护专项）培训班			
325	戈杰	3*************6	学生	男	北京京北职业技术学院	2023年北京市高校体育本科生技能竞赛（急救救护专项）培训班			
326	廖静	3*************6	学生	男	北京京北职业技术学院	2023年北京市高校体育本科生技能竞赛（急救救护专项）培训班			
327	庾丽	3*************6	学生	男	北京京北职业技术学院	2023年北京市高校体育本科生技能竞赛（急救救护专项）培训班			
328	终强	3*************6	学生	男	北京京北职业技术学院	2023年北京市高校体育本科生技能竞赛（急救救护专项）培训班			
329	暨华	3*************6	学生	男	北京京北职业技术学院	2023年北京市高校体育本科生技能竞赛（急救救护专项）培训班			
330	居明	3*************6	学生	男	北京京北职业技术学院	2023年北京市高校体育本科生技能竞赛（急救救护专项）培训班			
331	衡伟	3*************6	学生	男	北京京北职业技术学院	2023年北京市高校体育本科生技能竞赛（急救救护专项）培训班			
332	步丽	3*************6	学生	男	北京京北职业技术学院	2023年北京市高校体育本科生技能竞赛（急救救护专项）培训班			
333	都强	3*************6	学生	男	北京京北职业技术学院	2023年北京市高校体育本科生技能竞赛（急救救护专项）培训班			
334	耿华	3*************6	学生	男	北京京北职业技术学院	2023年北京市高校体育本科生技能竞赛（急救救护专项）培训班			
335	满峰	3*************6	学生	男	北京京北职业技术学院	2023年北京市高校体育本科生技能竞赛（急救救护专项）培训班			
336	弘敏	3*************6	学生	男	北京京北职业技术学院	2023年北京市高校体育本科生技能竞赛（急救救护专项）培训班			
